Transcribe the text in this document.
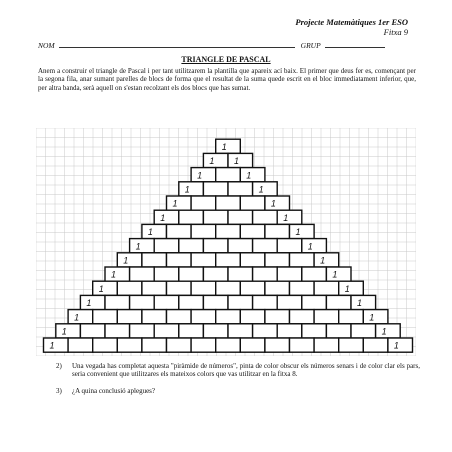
Projecte Matemàtiques 1er ESO
Fitxa 9
NOM	GRUP
TRIANGLE DE PASCAL
Anem a construir el triangle de Pascal i per tant utilitzarem la plantilla que apareix ací baix. El primer que deus fer es, començant per la segona fila, anar sumant parelles de blocs de forma que el resultat de la suma quede escrit en el bloc immediatament inferior, que, per altra banda, serà aquell on s'estan recolzant els dos blocs que has sumat.
1
1 1
1	1
1	1
1	1
1	1
1	1
1	1
1	1
1	1
1	1
1	1
1	1
1	1
1	1
2) Una vegada has completat aquesta "piràmide de números", pinta de color obscur els números senars i de color clar els pars, seria convenient que utilitzares els mateixos colors que vas utilitzar en la fitxa 8.
3) ¿A quina conclusió aplegues?
